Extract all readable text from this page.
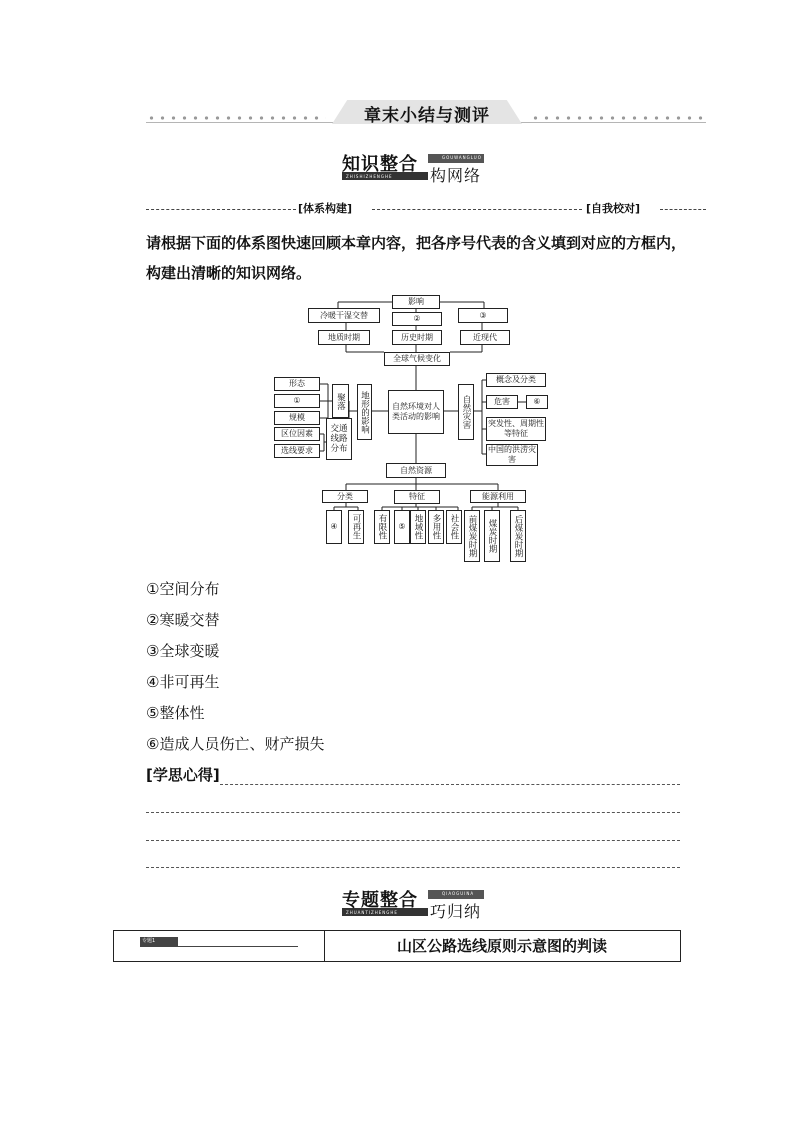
章末小结与测评
GOUWANGLUO
ZHISHIZHENGHE
知识整合
构网络
[体系构建]	[自我校对]
请根据下面的体系图快速回顾本章内容，把各序号代表的含义填到对应的方框内， 构建出清晰的知识网络。
影响
冷暖干湿交替	②	③
地质时期	历史时期	近现代
全球气候变化
自然环境对人类活动的影响
形态
①
规模
区位因素
选线要求
聚落
交通线路分布
地形的影响	自然灾害
概念及分类
危害	⑥
突发性、周期性等特征
中国的洪涝灾害
自然资源
分类	特征	能源利用
④	可再生	有限性	⑤ 地域性 多用性 社会性 前煤炭时期	煤炭时期	后煤炭时期
①空间分布
②寒暖交替
③全球变暖
④非可再生
⑤整体性
⑥造成人员伤亡、财产损失
[学思心得]
QIAOGUINA
ZHUANTIZHENGHE
专题整合
巧归纳
专题1	山区公路选线原则示意图的判读
